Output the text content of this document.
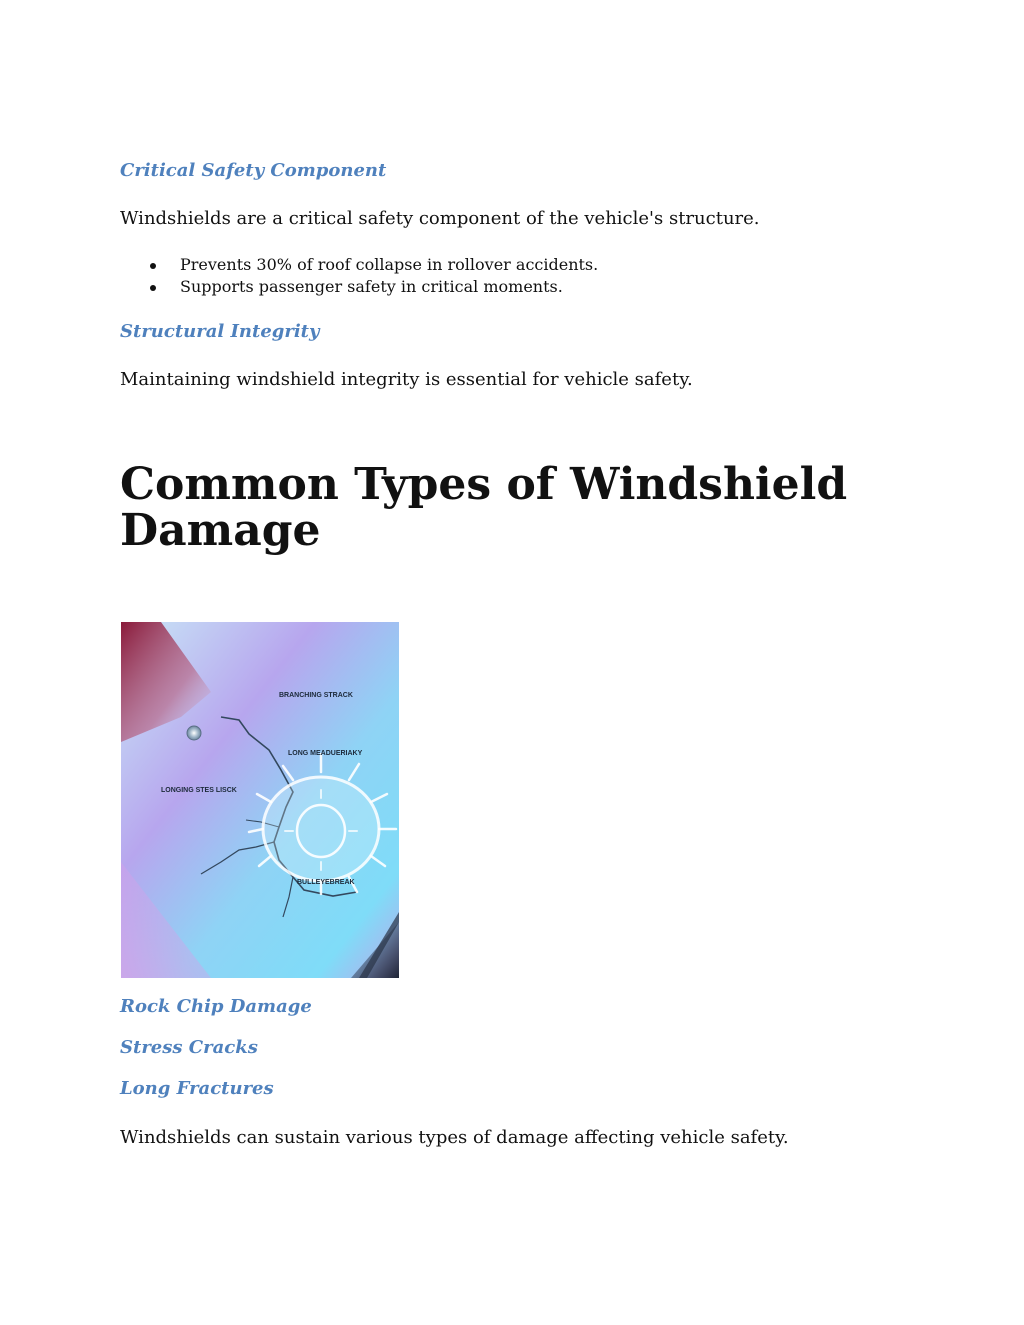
Critical Safety Component

Windshields are a critical safety component of the vehicle's structure.

Prevents 30% of roof collapse in rollover accidents.
Supports passenger safety in critical moments.
Structural Integrity

Maintaining windshield integrity is essential for vehicle safety.

Common Types of Windshield Damage
BRANCHING STRACK
LONG MEADUERIAKY
LONGING STES LISCK
BULLEYEBREAK
Rock Chip Damage
Stress Cracks
Long Fractures

Windshields can sustain various types of damage affecting vehicle safety.
